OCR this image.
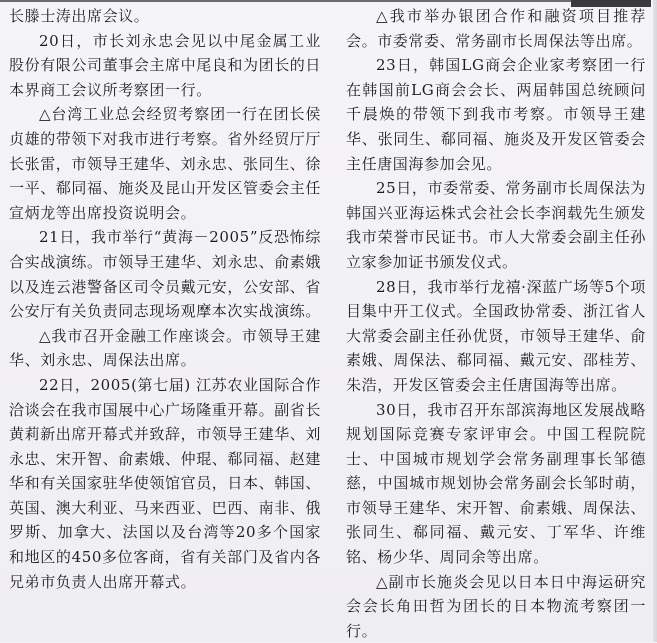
长滕士涛出席会议。

20日，市长刘永忠会见以中尾金属工业股份有限公司董事会主席中尾良和为团长的日本界商工会议所考察团一行。

△台湾工业总会经贸考察团一行在团长侯贞雄的带领下对我市进行考察。省外经贸厅厅长张雷，市领导王建华、刘永忠、张同生、徐一平、郗同福、施炎及昆山开发区管委会主任宣炳龙等出席投资说明会。

21日，我市举行“黄海－2005”反恐怖综合实战演练。市领导王建华、刘永忠、俞素娥以及连云港警备区司令员戴元安，公安部、省公安厅有关负责同志现场观摩本次实战演练。

△我市召开金融工作座谈会。市领导王建华、刘永忠、周保法出席。

22日，2005(第七届) 江苏农业国际合作洽谈会在我市国展中心广场隆重开幕。副省长黄莉新出席开幕式并致辞，市领导王建华、刘永忠、宋开智、俞素娥、仲琨、郗同福、赵建华和有关国家驻华使领馆官员，日本、韩国、英国、澳大利亚、马来西亚、巴西、南非、俄罗斯、加拿大、法国以及台湾等20多个国家和地区的450多位客商，省有关部门及省内各兄弟市负责人出席开幕式。

△我市举办银团合作和融资项目推荐会。市委常委、常务副市长周保法等出席。

23日，韩国LG商会企业家考察团一行在韩国前LG商会会长、两届韩国总统顾问千晨焕的带领下到我市考察。市领导王建华、张同生、郗同福、施炎及开发区管委会主任唐国海参加会见。

25日，市委常委、常务副市长周保法为韩国兴亚海运株式会社会长李润载先生颁发我市荣誉市民证书。市人大常委会副主任孙立家参加证书颁发仪式。

28日，我市举行龙禧·深蓝广场等5个项目集中开工仪式。全国政协常委、浙江省人大常委会副主任孙优贤，市领导王建华、俞素娥、周保法、郗同福、戴元安、邵桂芳、朱浩，开发区管委会主任唐国海等出席。

30日，我市召开东部滨海地区发展战略规划国际竞赛专家评审会。中国工程院院士、中国城市规划学会常务副理事长邹德慈，中国城市规划协会常务副会长邹时萌，市领导王建华、宋开智、俞素娥、周保法、张同生、郗同福、戴元安、丁军华、许维铭、杨少华、周同余等出席。

△副市长施炎会见以日本日中海运研究会会长角田哲为团长的日本物流考察团一行。
